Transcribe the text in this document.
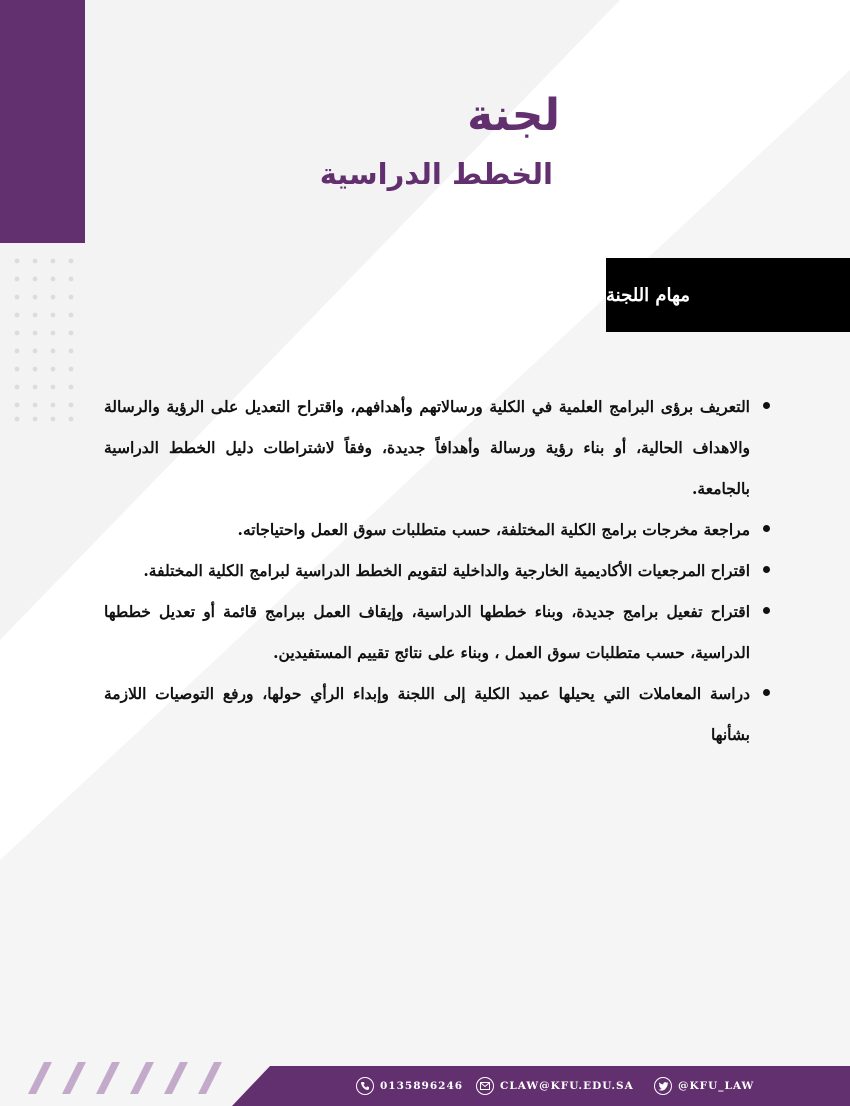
لجنة
الخطط الدراسية
مهام اللجنة
التعريف برؤى البرامج العلمية في الكلية ورسالاتهم وأهدافهم، واقتراح التعديل على الرؤية والرسالة والاهداف الحالية، أو بناء رؤية ورسالة وأهدافاً جديدة، وفقاً لاشتراطات دليل الخطط الدراسية بالجامعة.
مراجعة مخرجات برامج الكلية المختلفة، حسب متطلبات سوق العمل واحتياجاته.
اقتراح المرجعيات الأكاديمية الخارجية والداخلية لتقويم الخطط الدراسية لبرامج الكلية المختلفة.
اقتراح تفعيل برامج جديدة، وبناء خططها الدراسية، وإيقاف العمل ببرامج قائمة أو تعديل خططها الدراسية، حسب متطلبات سوق العمل ، وبناء على نتائج تقييم المستفيدين.
دراسة المعاملات التي يحيلها عميد الكلية إلى اللجنة وإبداء الرأي حولها، ورفع التوصيات اللازمة بشأنها
0135896246	CLAW@KFU.EDU.SA	@KFU_LAW
